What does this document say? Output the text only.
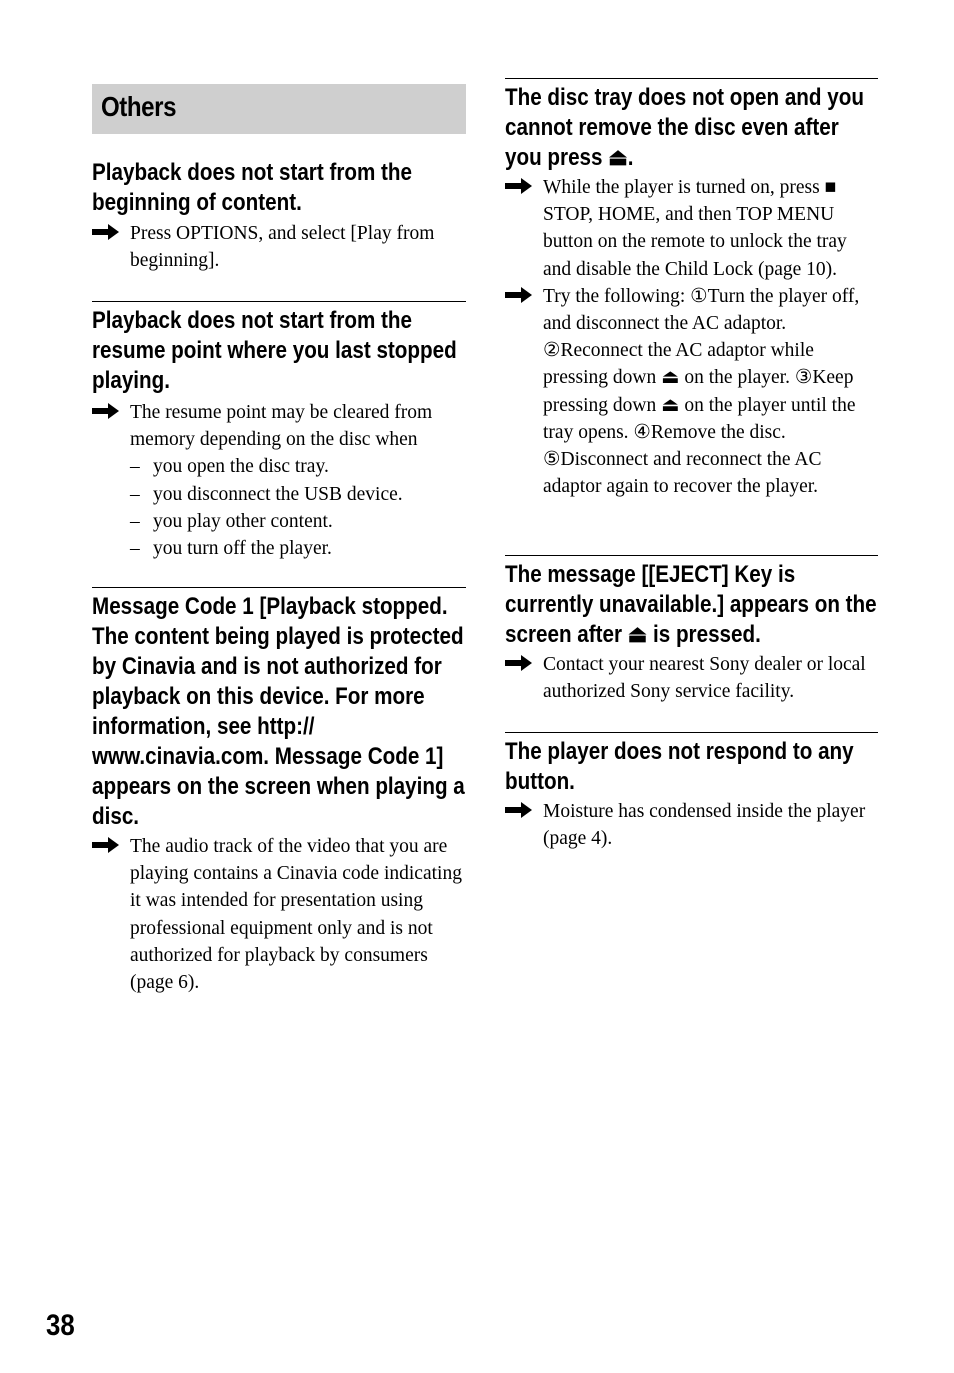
Others

Playback does not start from the beginning of content.

Press OPTIONS, and select [Play from beginning].

Playback does not start from the resume point where you last stopped playing.

The resume point may be cleared from memory depending on the disc when

– you open the disc tray.
– you disconnect the USB device.
– you play other content.
– you turn off the player.

Message Code 1 [Playback stopped. The content being played is protected by Cinavia and is not authorized for playback on this device. For more information, see http:// www.cinavia.com. Message Code 1] appears on the screen when playing a disc.

The audio track of the video that you are playing contains a Cinavia code indicating it was intended for presentation using professional equipment only and is not authorized for playback by consumers (page 6).

The disc tray does not open and you cannot remove the disc even after you press ⏏.

While the player is turned on, press ■ STOP, HOME, and then TOP MENU button on the remote to unlock the tray and disable the Child Lock (page 10).

Try the following: ①Turn the player off, and disconnect the AC adaptor. ②Reconnect the AC adaptor while pressing down ⏏ on the player. ③Keep pressing down ⏏ on the player until the tray opens. ④Remove the disc. ⑤Disconnect and reconnect the AC adaptor again to recover the player.

The message [[EJECT] Key is currently unavailable.] appears on the screen after ⏏ is pressed.

Contact your nearest Sony dealer or local authorized Sony service facility.

The player does not respond to any button.

Moisture has condensed inside the player (page 4).

38
